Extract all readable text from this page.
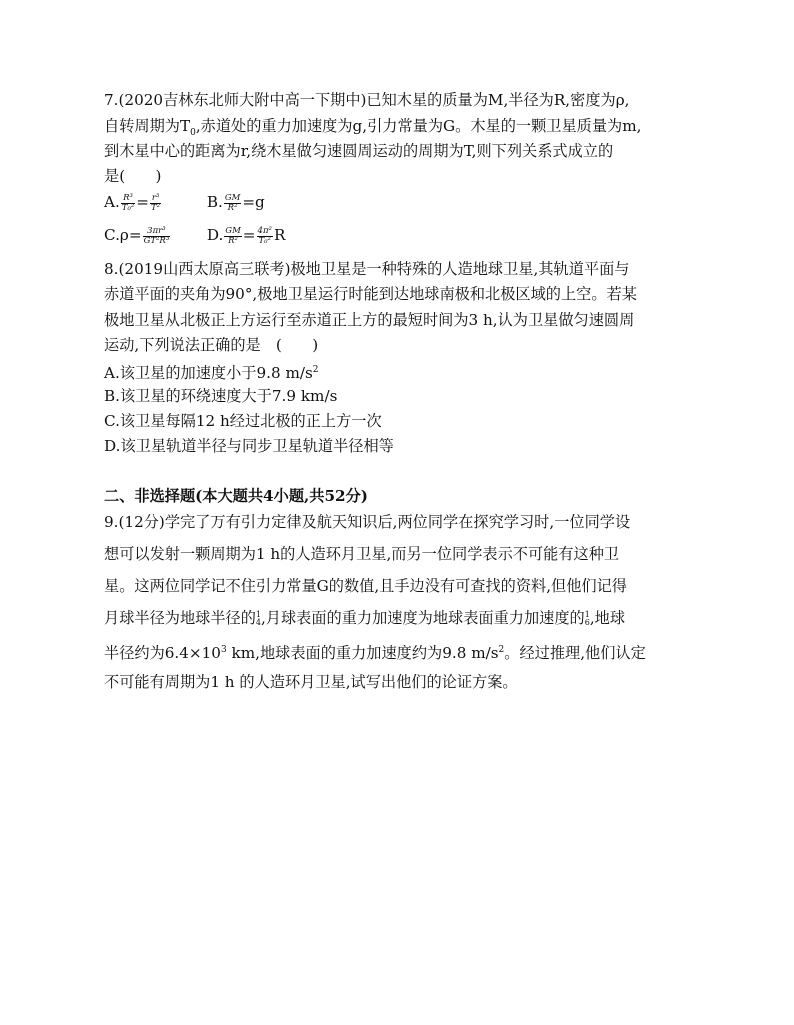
7.(2020吉林东北师大附中高一下期中)已知木星的质量为M,半径为R,密度为ρ,
自转周期为$T_0$,赤道处的重力加速度为g,引力常量为G。木星的一颗卫星质量为m,
到木星中心的距离为r,绕木星做匀速圆周运动的周期为T,则下列关系式成立的
是(　　)
A. $\frac{\text{R³}}{\text{T₀²}} = \frac{\text{r³}}{\text{T²}}$	B. $\frac{GM}{\text{R²}} =g$
$C.\rho= \frac{\text{3πr³}}{\text{GT²R³}} D$. $\frac{GM}{\text{R²}} = \frac{\text{4π²}}{\text{T₀²}}$ R
8.(2019山西太原高三联考)极地卫星是一种特殊的人造地球卫星,其轨道平面与
赤道平面的夹角为90°,极地卫星运行时能到达地球南极和北极区域的上空。若某
极地卫星从北极正上方运行至赤道正上方的最短时间为3 h,认为卫星做匀速圆周
运动,下列说法正确的是　(　　)
A.该卫星的加速度小于9.8 $m/s^2$
B.该卫星的环绕速度大于7.9 km/s
C.该卫星每隔12 h经过北极的正上方一次
D.该卫星轨道半径与同步卫星轨道半径相等
二、非选择题(本大题共4小题,共52分)
9.(12分)学完了万有引力定律及航天知识后,两位同学在探究学习时,一位同学设
想可以发射一颗周期为1 h的人造环月卫星,而另一位同学表示不可能有这种卫
星。这两位同学记不住引力常量G的数值,且手边没有可查找的资料,但他们记得
月球半径为地球半径的 1
4 ,月球表面的重力加速度为地球表面重力加速度的 1
6 ,地球
半径约为$6.4\times 10^3$ km,地球表面的重力加速度约为9.8 $m/s^2$。经过推理,他们认定
不可能有周期为1 h 的人造环月卫星,试写出他们的论证方案。
